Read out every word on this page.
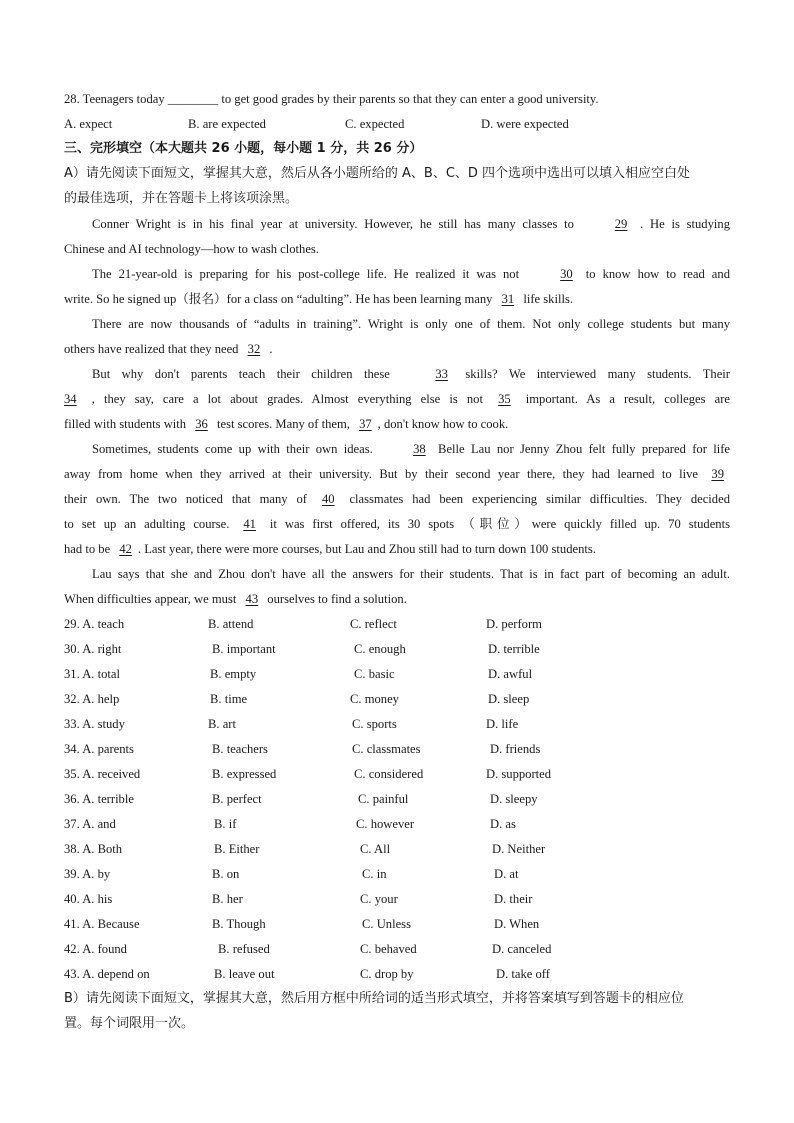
28. Teenagers today ________ to get good grades by their parents so that they can enter a good university.
A. expect	B. are expected	C. expected	D. were expected
三、完形填空（本大题共 26 小题，每小题 1 分，共 26 分）
A）请先阅读下面短文，掌握其大意，然后从各小题所给的 A、B、C、D 四个选项中选出可以填入相应空白处
的最佳选项，并在答题卡上将该项涂黑。
Conner Wright is in his final year at university. However, he still has many classes to	29 . He is studying
Chinese and AI technology—how to wash clothes.
The 21-year-old is preparing for his post-college life. He realized it was not	30 to know how to read and
write. So he signed up（报名）for a class on “adulting”. He has been learning many 31 life skills.
There are now thousands of “adults in training”. Wright is only one of them. Not only college students but many
others have realized that they need 32 .
But why don't parents teach their children these	33 skills? We interviewed many students. Their
34 , they say, care a lot about grades. Almost everything else is not 35 important. As a result, colleges are
filled with students with 36 test scores. Many of them, 37 , don't know how to cook.
Sometimes, students come up with their own ideas.	38 Belle Lau nor Jenny Zhou felt fully prepared for life
away from home when they arrived at their university. But by their second year there, they had learned to live 39
their own. The two noticed that many of 40 classmates had been experiencing similar difficulties. They decided
to set up an adulting course. 41 it was first offered, its 30 spots （职位）were quickly filled up. 70 students
had to be 42 . Last year, there were more courses, but Lau and Zhou still had to turn down 100 students.
Lau says that she and Zhou don't have all the answers for their students. That is in fact part of becoming an adult.
When difficulties appear, we must 43 ourselves to find a solution.
29. A. teach	B. attend	C. reflect	D. perform
30. A. right	B. important	C. enough	D. terrible
31. A. total	B. empty	C. basic	D. awful
32. A. help	B. time	C. money	D. sleep
33. A. study	B. art	C. sports	D. life
34. A. parents	B. teachers	C. classmates	D. friends
35. A. received	B. expressed	C. considered	D. supported
36. A. terrible	B. perfect	C. painful	D. sleepy
37. A. and	B. if	C. however	D. as
38. A. Both	B. Either	C. All	D. Neither
39. A. by	B. on	C. in	D. at
40. A. his	B. her	C. your	D. their
41. A. Because	B. Though	C. Unless	D. When
42. A. found	B. refused	C. behaved	D. canceled
43. A. depend on	B. leave out	C. drop by	D. take off
B）请先阅读下面短文，掌握其大意，然后用方框中所给词的适当形式填空，并将答案填写到答题卡的相应位
置。每个词限用一次。
